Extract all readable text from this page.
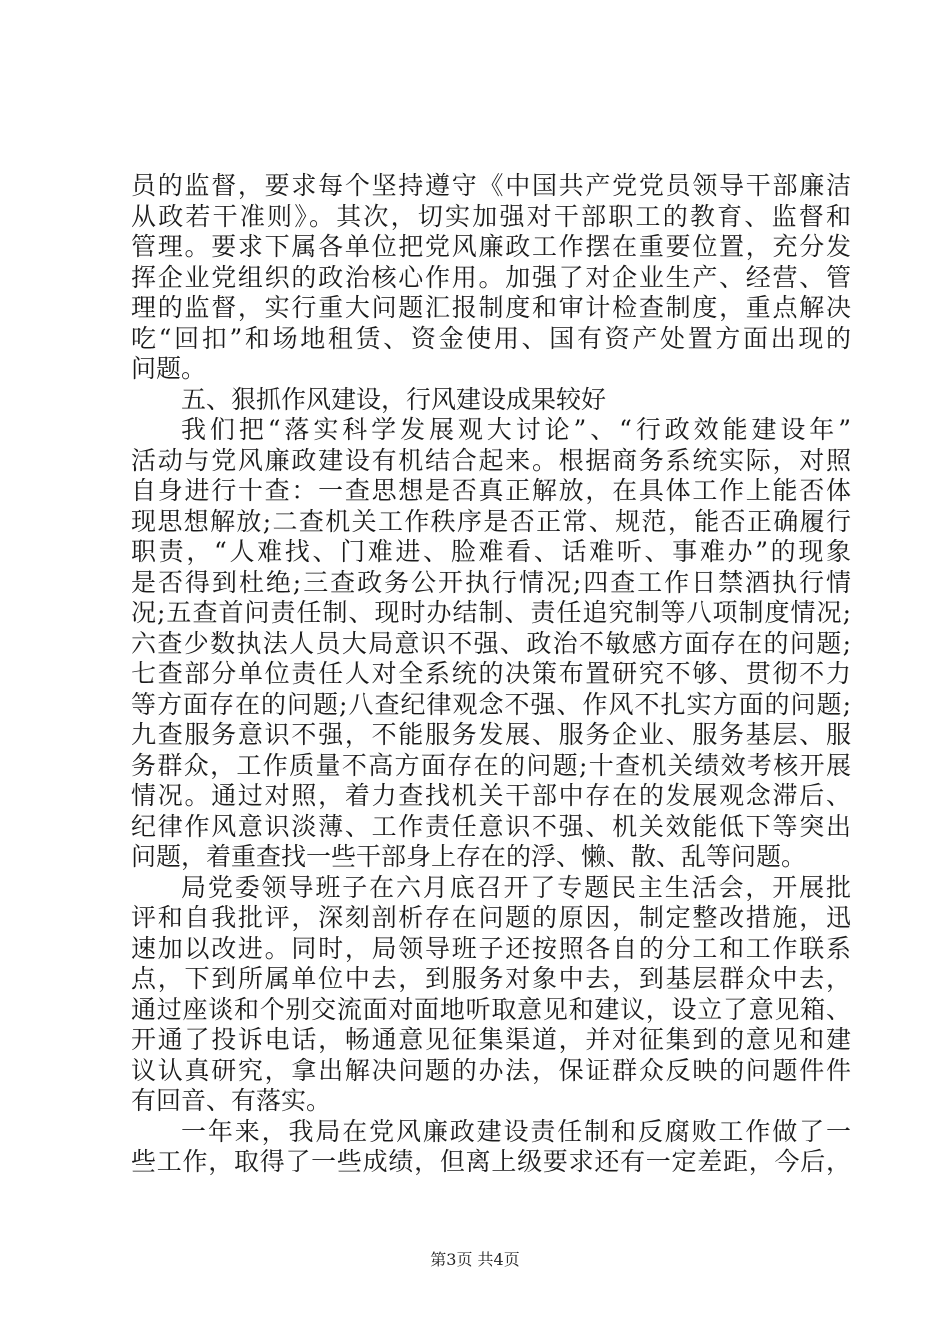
员的监督，要求每个坚持遵守《中国共产党党员领导干部廉洁
从政若干准则》。其次，切实加强对干部职工的教育、监督和
管理。要求下属各单位把党风廉政工作摆在重要位置，充分发
挥企业党组织的政治核心作用。加强了对企业生产、经营、管
理的监督，实行重大问题汇报制度和审计检查制度，重点解决
吃“回扣”和场地租赁、资金使用、国有资产处置方面出现的
问题。
五、狠抓作风建设，行风建设成果较好
我们把“落实科学发展观大讨论”、“行政效能建设年”
活动与党风廉政建设有机结合起来。根据商务系统实际，对照
自身进行十查：一查思想是否真正解放，在具体工作上能否体
现思想解放;二查机关工作秩序是否正常、规范，能否正确履行
职责，“人难找、门难进、脸难看、话难听、事难办”的现象
是否得到杜绝;三查政务公开执行情况;四查工作日禁酒执行情
况;五查首问责任制、现时办结制、责任追究制等八项制度情况;
六查少数执法人员大局意识不强、政治不敏感方面存在的问题;
七查部分单位责任人对全系统的决策布置研究不够、贯彻不力
等方面存在的问题;八查纪律观念不强、作风不扎实方面的问题;
九查服务意识不强，不能服务发展、服务企业、服务基层、服
务群众，工作质量不高方面存在的问题;十查机关绩效考核开展
情况。通过对照，着力查找机关干部中存在的发展观念滞后、
纪律作风意识淡薄、工作责任意识不强、机关效能低下等突出
问题，着重查找一些干部身上存在的浮、懒、散、乱等问题。
局党委领导班子在六月底召开了专题民主生活会，开展批
评和自我批评，深刻剖析存在问题的原因，制定整改措施，迅
速加以改进。同时，局领导班子还按照各自的分工和工作联系
点，下到所属单位中去，到服务对象中去，到基层群众中去，
通过座谈和个别交流面对面地听取意见和建议，设立了意见箱、
开通了投诉电话，畅通意见征集渠道，并对征集到的意见和建
议认真研究，拿出解决问题的办法，保证群众反映的问题件件
有回音、有落实。
一年来，我局在党风廉政建设责任制和反腐败工作做了一
些工作，取得了一些成绩，但离上级要求还有一定差距，今后，
第3页 共4页
